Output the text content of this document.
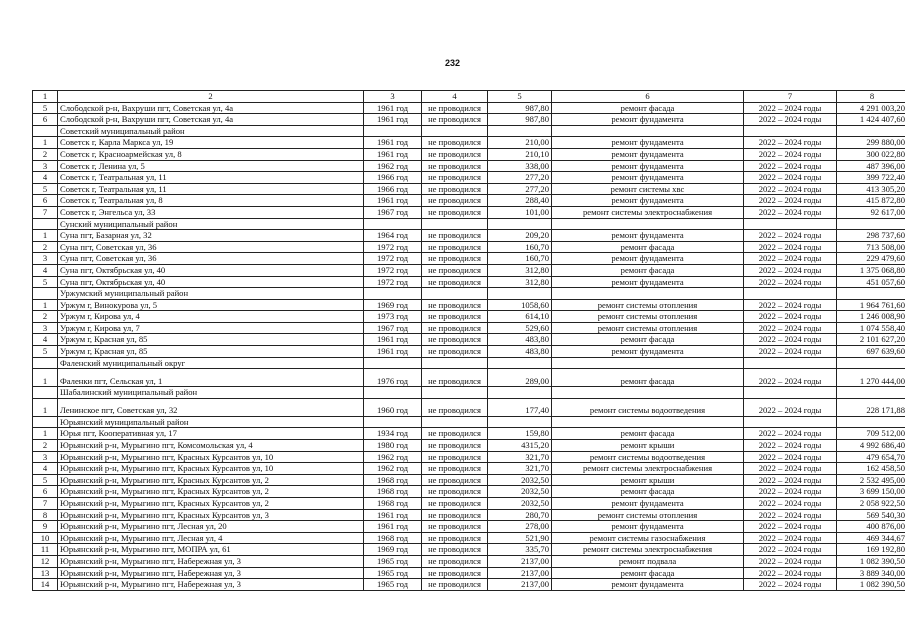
232
1	2	3	4	5	6	7	8
5	Слободской р-н, Вахруши пгт, Советская ул, 4а	1961 год	не проводился	987,80	ремонт фасада	2022 – 2024 годы	4 291 003,20
6	Слободской р-н, Вахруши пгт, Советская ул, 4а	1961 год	не проводился	987,80	ремонт фундамента	2022 – 2024 годы	1 424 407,60
	Советский муниципальный район						
1	Советск г, Карла Маркса ул, 19	1961 год	не проводился	210,00	ремонт фундамента	2022 – 2024 годы	299 880,00
2	Советск г, Красноармейская ул, 8	1961 год	не проводился	210,10	ремонт фундамента	2022 – 2024 годы	300 022,80
3	Советск г, Ленина ул, 5	1962 год	не проводился	338,00	ремонт фундамента	2022 – 2024 годы	487 396,00
4	Советск г, Театральная ул, 11	1966 год	не проводился	277,20	ремонт фундамента	2022 – 2024 годы	399 722,40
5	Советск г, Театральная ул, 11	1966 год	не проводился	277,20	ремонт системы хвс	2022 – 2024 годы	413 305,20
6	Советск г, Театральная ул, 8	1961 год	не проводился	288,40	ремонт фундамента	2022 – 2024 годы	415 872,80
7	Советск г, Энгельса ул, 33	1967 год	не проводился	101,00	ремонт системы электроснабжения	2022 – 2024 годы	92 617,00
	Сунский муниципальный район						
1	Суна пгт, Базарная ул, 32	1964 год	не проводился	209,20	ремонт фундамента	2022 – 2024 годы	298 737,60
2	Суна пгт, Советская ул, 36	1972 год	не проводился	160,70	ремонт фасада	2022 – 2024 годы	713 508,00
3	Суна пгт, Советская ул, 36	1972 год	не проводился	160,70	ремонт фундамента	2022 – 2024 годы	229 479,60
4	Суна пгт, Октябрьская ул, 40	1972 год	не проводился	312,80	ремонт фасада	2022 – 2024 годы	1 375 068,80
5	Суна пгт, Октябрьская ул, 40	1972 год	не проводился	312,80	ремонт фундамента	2022 – 2024 годы	451 057,60
	Уржумский муниципальный район						
1	Уржум г, Винокурова ул, 5	1969 год	не проводился	1058,60	ремонт системы отопления	2022 – 2024 годы	1 964 761,60
2	Уржум г, Кирова ул, 4	1973 год	не проводился	614,10	ремонт системы отопления	2022 – 2024 годы	1 246 008,90
3	Уржум г, Кирова ул, 7	1967 год	не проводился	529,60	ремонт системы отопления	2022 – 2024 годы	1 074 558,40
4	Уржум г, Красная ул, 85	1961 год	не проводился	483,80	ремонт фасада	2022 – 2024 годы	2 101 627,20
5	Уржум г, Красная ул, 85	1961 год	не проводился	483,80	ремонт фундамента	2022 – 2024 годы	697 639,60
	Фаленский муниципальный округ						
1	Фаленки пгт, Сельская ул, 1	1976 год	не проводился	289,00	ремонт фасада	2022 – 2024 годы	1 270 444,00
	Шабалинский муниципальный район						
1	Ленинское пгт, Советская ул, 32	1960 год	не проводился	177,40	ремонт системы водоотведения	2022 – 2024 годы	228 171,88
	Юрьянский муниципальный район						
1	Юрья пгт, Кооперативная ул, 17	1934 год	не проводился	159,80	ремонт фасада	2022 – 2024 годы	709 512,00
2	Юрьянский р-н, Мурыгино пгт, Комсомольская ул, 4	1980 год	не проводился	4315,20	ремонт крыши	2022 – 2024 годы	4 992 686,40
3	Юрьянский р-н, Мурыгино пгт, Красных Курсантов ул, 10	1962 год	не проводился	321,70	ремонт системы водоотведения	2022 – 2024 годы	479 654,70
4	Юрьянский р-н, Мурыгино пгт, Красных Курсантов ул, 10	1962 год	не проводился	321,70	ремонт системы электроснабжения	2022 – 2024 годы	162 458,50
5	Юрьянский р-н, Мурыгино пгт, Красных Курсантов ул, 2	1968 год	не проводился	2032,50	ремонт крыши	2022 – 2024 годы	2 532 495,00
6	Юрьянский р-н, Мурыгино пгт, Красных Курсантов ул, 2	1968 год	не проводился	2032,50	ремонт фасада	2022 – 2024 годы	3 699 150,00
7	Юрьянский р-н, Мурыгино пгт, Красных Курсантов ул, 2	1968 год	не проводился	2032,50	ремонт фундамента	2022 – 2024 годы	2 058 922,50
8	Юрьянский р-н, Мурыгино пгт, Красных Курсантов ул, 3	1961 год	не проводился	280,70	ремонт системы отопления	2022 – 2024 годы	569 540,30
9	Юрьянский р-н, Мурыгино пгт, Лесная ул, 20	1961 год	не проводился	278,00	ремонт фундамента	2022 – 2024 годы	400 876,00
10	Юрьянский р-н, Мурыгино пгт, Лесная ул, 4	1968 год	не проводился	521,90	ремонт системы газоснабжения	2022 – 2024 годы	469 344,67
11	Юрьянский р-н, Мурыгино пгт, МОПРА ул, 61	1969 год	не проводился	335,70	ремонт системы электроснабжения	2022 – 2024 годы	169 192,80
12	Юрьянский р-н, Мурыгино пгт, Набережная ул, 3	1965 год	не проводился	2137,00	ремонт подвала	2022 – 2024 годы	1 082 390,50
13	Юрьянский р-н, Мурыгино пгт, Набережная ул, 3	1965 год	не проводился	2137,00	ремонт фасада	2022 – 2024 годы	3 889 340,00
14	Юрьянский р-н, Мурыгино пгт, Набережная ул, 3	1965 год	не проводился	2137,00	ремонт фундамента	2022 – 2024 годы	1 082 390,50
